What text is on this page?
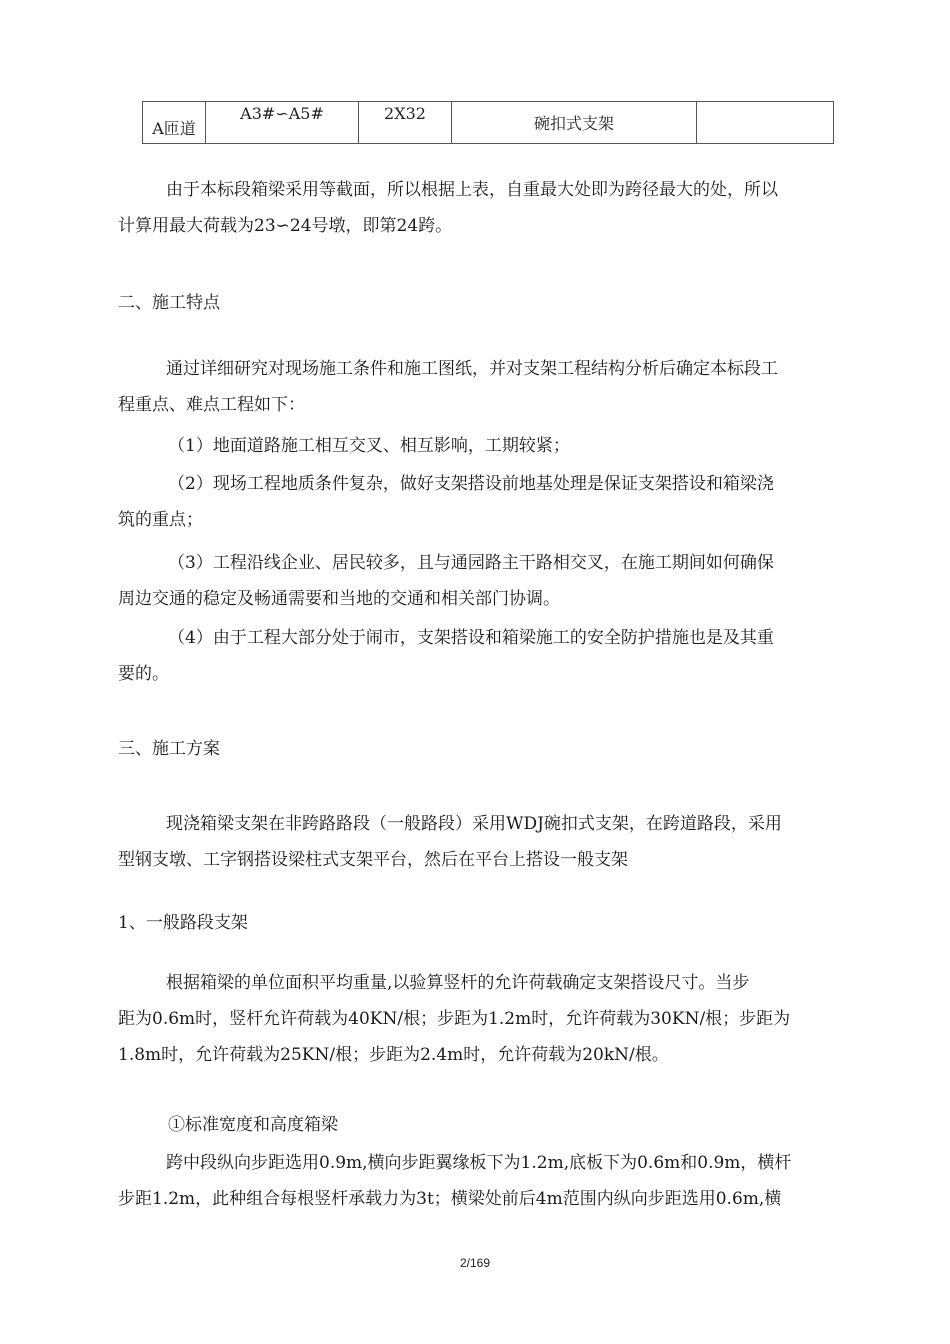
A匝道	A3#∽A5#	2X32	碗扣式支架	
由于本标段箱梁采用等截面，所以根据上表，自重最大处即为跨径最大的处，所以
计算用最大荷载为23∽24号墩，即第24跨。
二、施工特点
通过详细研究对现场施工条件和施工图纸，并对支架工程结构分析后确定本标段工
程重点、难点工程如下：
（1）地面道路施工相互交叉、相互影响，工期较紧；
（2）现场工程地质条件复杂，做好支架搭设前地基处理是保证支架搭设和箱梁浇
筑的重点；
（3）工程沿线企业、居民较多，且与通园路主干路相交叉，在施工期间如何确保
周边交通的稳定及畅通需要和当地的交通和相关部门协调。
（4）由于工程大部分处于闹市，支架搭设和箱梁施工的安全防护措施也是及其重
要的。
三、施工方案
现浇箱梁支架在非跨路路段（一般路段）采用WDJ碗扣式支架，在跨道路段，采用
型钢支墩、工字钢搭设梁柱式支架平台，然后在平台上搭设一般支架
1、一般路段支架
根据箱梁的单位面积平均重量,以验算竖杆的允许荷载确定支架搭设尺寸。当步
距为0.6m时，竖杆允许荷载为40KN/根；步距为1.2m时，允许荷载为30KN/根；步距为
1.8m时，允许荷载为25KN/根；步距为2.4m时，允许荷载为20kN/根。
①标准宽度和高度箱梁
跨中段纵向步距选用0.9m,横向步距翼缘板下为1.2m,底板下为0.6m和0.9m，横杆
步距1.2m，此种组合每根竖杆承载力为3t；横梁处前后4m范围内纵向步距选用0.6m,横
2/169
